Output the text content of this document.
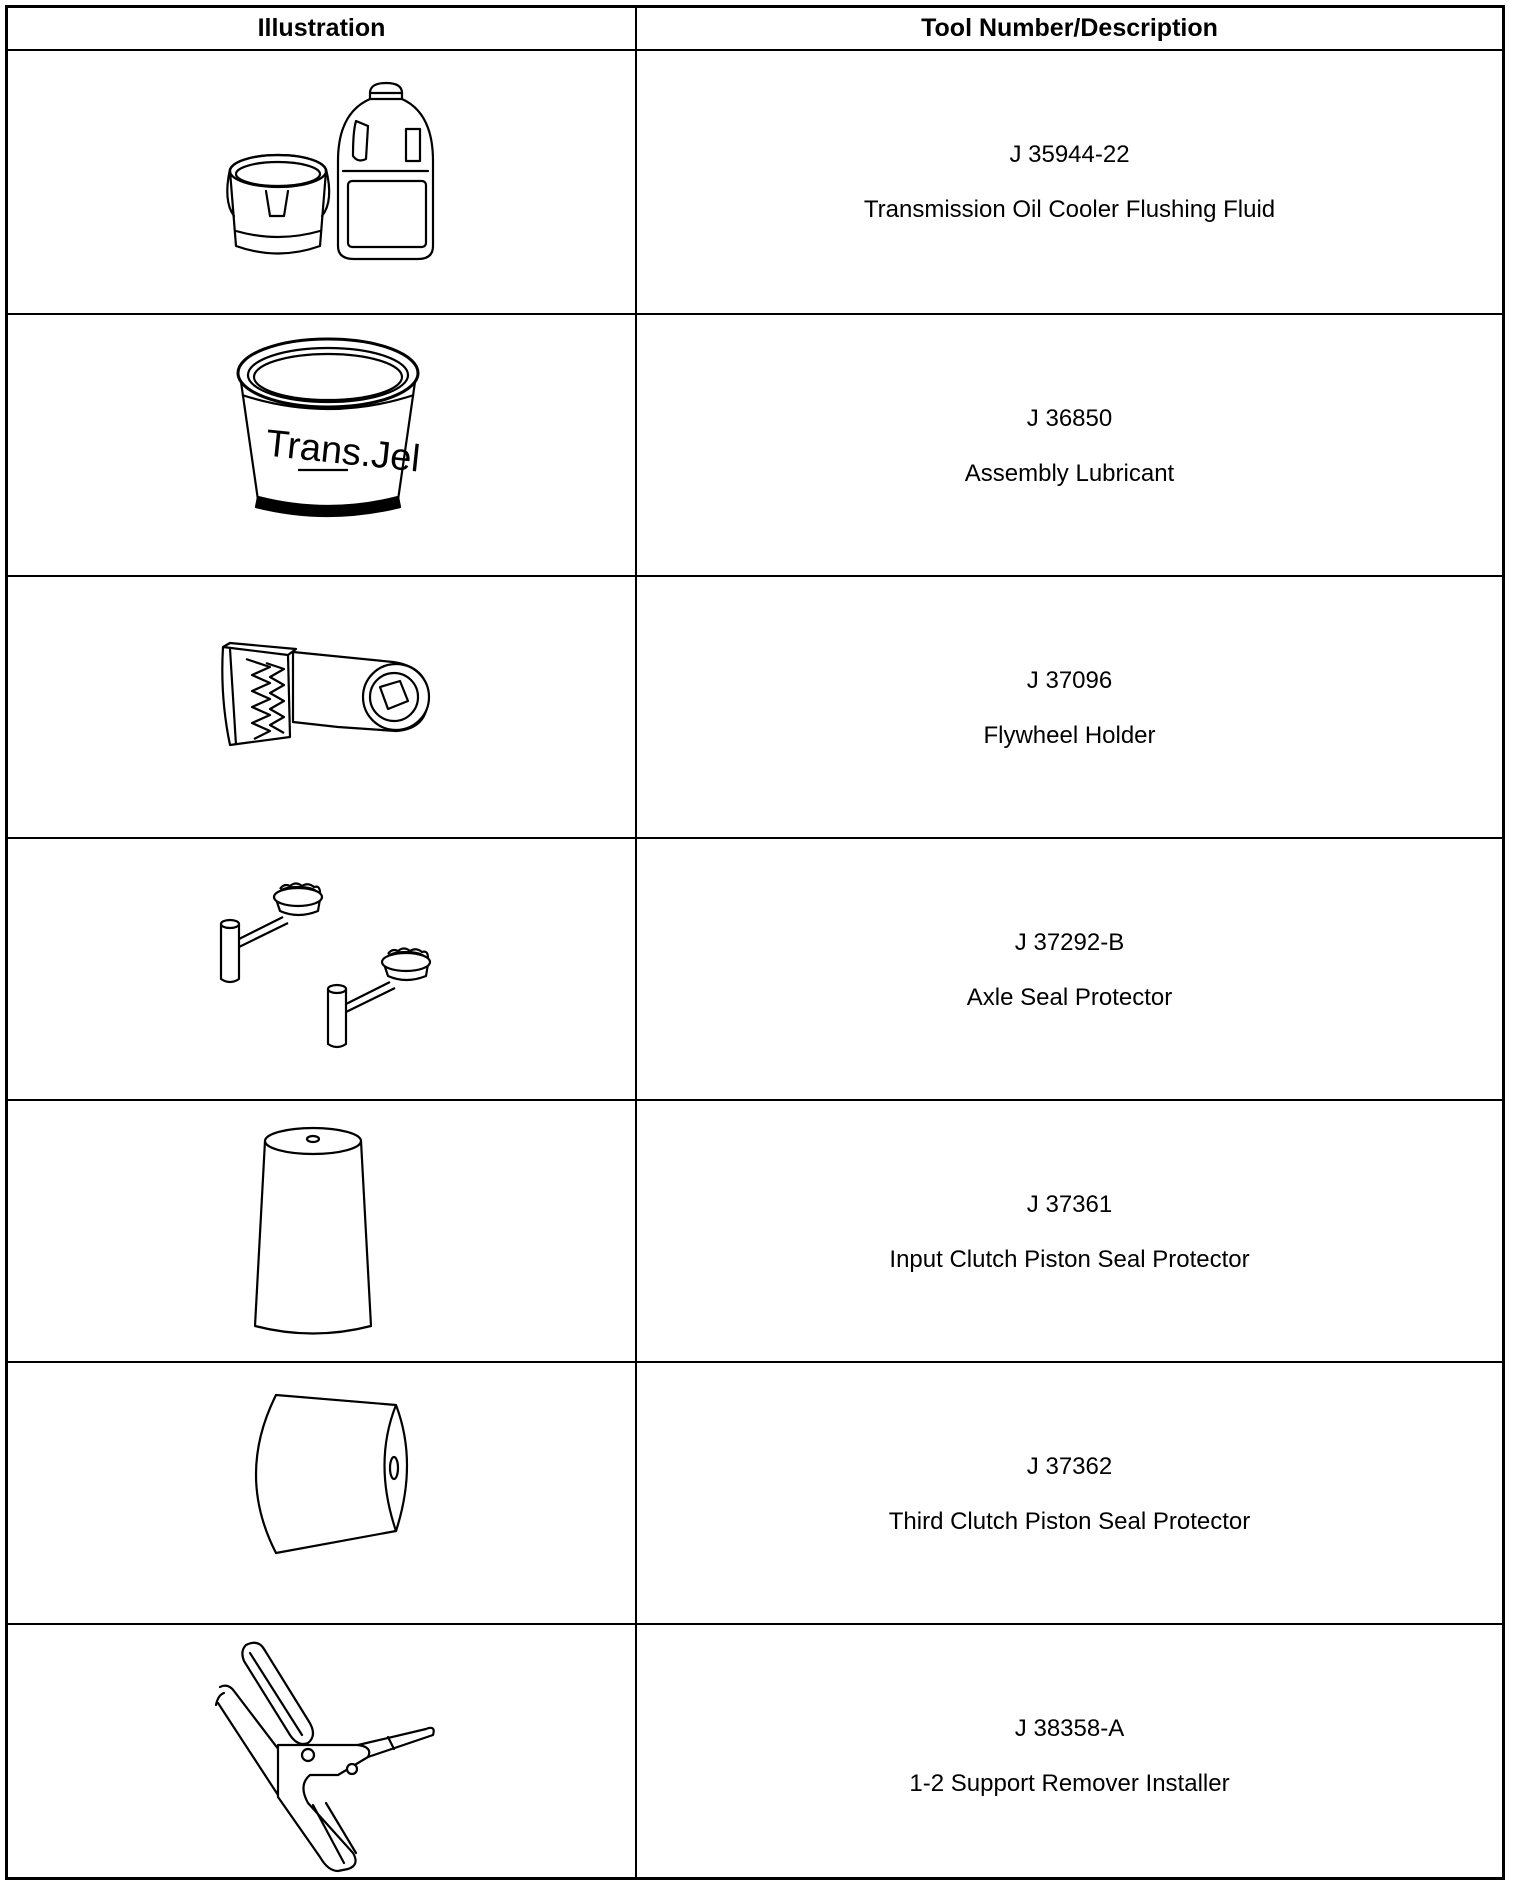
Illustration	Tool Number/Description
J 35944-22
Transmission Oil Cooler Flushing Fluid
Trans.Jel
J 36850
Assembly Lubricant
J 37096
Flywheel Holder
J 37292-B
Axle Seal Protector
J 37361
Input Clutch Piston Seal Protector
J 37362
Third Clutch Piston Seal Protector
J 38358-A
1-2 Support Remover Installer
